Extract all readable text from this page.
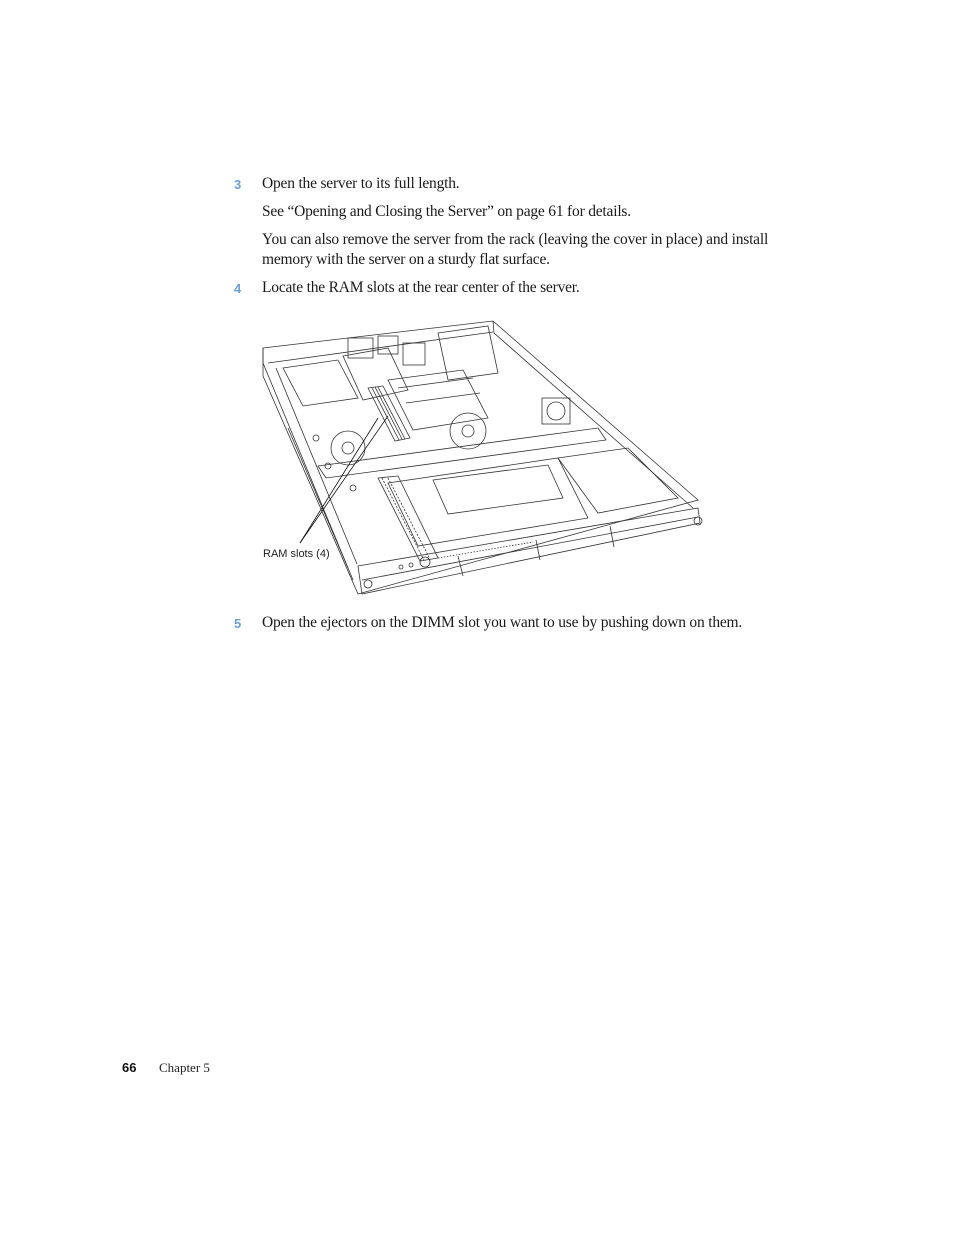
3 Open the server to its full length.
See “Opening and Closing the Server” on page 61 for details.
You can also remove the server from the rack (leaving the cover in place) and install memory with the server on a sturdy flat surface.
4 Locate the RAM slots at the rear center of the server.
RAM slots (4)
5 Open the ejectors on the DIMM slot you want to use by pushing down on them.
66 Chapter 5
